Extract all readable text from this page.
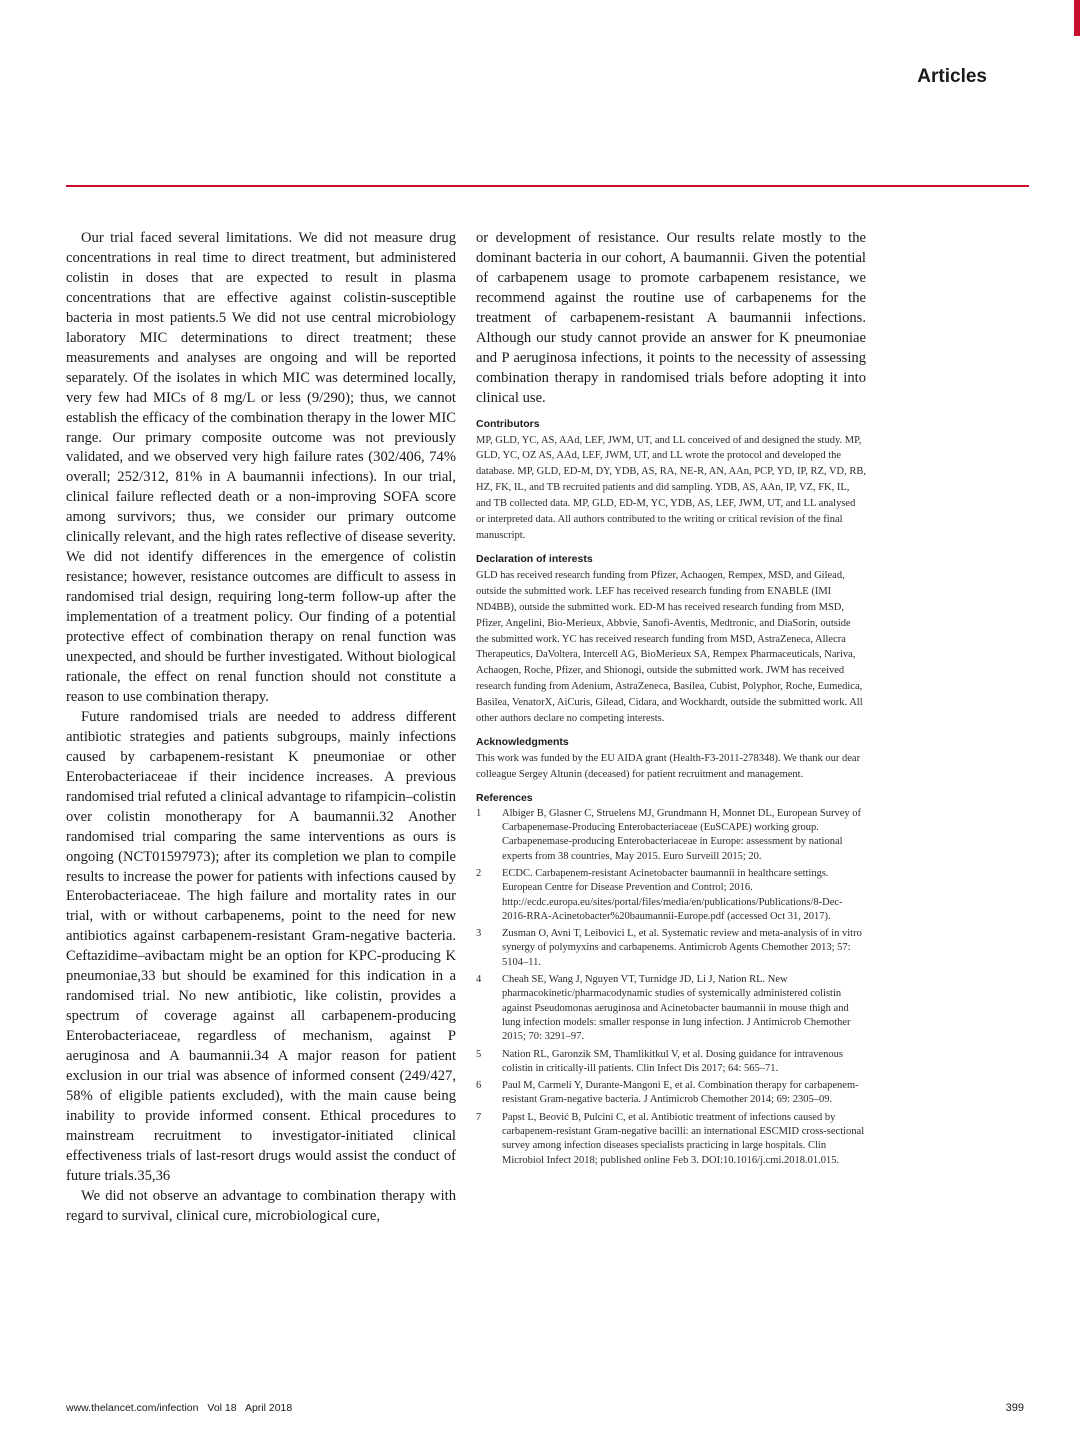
Articles

Our trial faced several limitations. We did not measure drug concentrations in real time to direct treatment, but administered colistin in doses that are expected to result in plasma concentrations that are effective against colistin-susceptible bacteria in most patients.5 We did not use central microbiology laboratory MIC determinations to direct treatment; these measurements and analyses are ongoing and will be reported separately. Of the isolates in which MIC was determined locally, very few had MICs of 8 mg/L or less (9/290); thus, we cannot establish the efficacy of the combination therapy in the lower MIC range. Our primary composite outcome was not previously validated, and we observed very high failure rates (302/406, 74% overall; 252/312, 81% in A baumannii infections). In our trial, clinical failure reflected death or a non-improving SOFA score among survivors; thus, we consider our primary outcome clinically relevant, and the high rates reflective of disease severity. We did not identify differences in the emergence of colistin resistance; however, resistance outcomes are difficult to assess in randomised trial design, requiring long-term follow-up after the implementation of a treatment policy. Our finding of a potential protective effect of combination therapy on renal function was unexpected, and should be further investigated. Without biological rationale, the effect on renal function should not constitute a reason to use combination therapy.

Future randomised trials are needed to address different antibiotic strategies and patients subgroups, mainly infections caused by carbapenem-resistant K pneumoniae or other Enterobacteriaceae if their incidence increases. A previous randomised trial refuted a clinical advantage to rifampicin–colistin over colistin monotherapy for A baumannii.32 Another randomised trial comparing the same interventions as ours is ongoing (NCT01597973); after its completion we plan to compile results to increase the power for patients with infections caused by Enterobacteriaceae. The high failure and mortality rates in our trial, with or without carbapenems, point to the need for new antibiotics against carbapenem-resistant Gram-negative bacteria. Ceftazidime–avibactam might be an option for KPC-producing K pneumoniae,33 but should be examined for this indication in a randomised trial. No new antibiotic, like colistin, provides a spectrum of coverage against all carbapenem-producing Enterobacteriaceae, regardless of mechanism, against P aeruginosa and A baumannii.34 A major reason for patient exclusion in our trial was absence of informed consent (249/427, 58% of eligible patients excluded), with the main cause being inability to provide informed consent. Ethical procedures to mainstream recruitment to investigator-initiated clinical effectiveness trials of last-resort drugs would assist the conduct of future trials.35,36

We did not observe an advantage to combination therapy with regard to survival, clinical cure, microbiological cure,

or development of resistance. Our results relate mostly to the dominant bacteria in our cohort, A baumannii. Given the potential of carbapenem usage to promote carbapenem resistance, we recommend against the routine use of carbapenems for the treatment of carbapenem-resistant A baumannii infections. Although our study cannot provide an answer for K pneumoniae and P aeruginosa infections, it points to the necessity of assessing combination therapy in randomised trials before adopting it into clinical use.

Contributors

MP, GLD, YC, AS, AAd, LEF, JWM, UT, and LL conceived of and designed the study. MP, GLD, YC, OZ AS, AAd, LEF, JWM, UT, and LL wrote the protocol and developed the database. MP, GLD, ED-M, DY, YDB, AS, RA, NE-R, AN, AAn, PCP, YD, IP, RZ, VD, RB, HZ, FK, IL, and TB recruited patients and did sampling. YDB, AS, AAn, IP, VZ, FK, IL, and TB collected data. MP, GLD, ED-M, YC, YDB, AS, LEF, JWM, UT, and LL analysed or interpreted data. All authors contributed to the writing or critical revision of the final manuscript.

Declaration of interests

GLD has received research funding from Pfizer, Achaogen, Rempex, MSD, and Gilead, outside the submitted work. LEF has received research funding from ENABLE (IMI ND4BB), outside the submitted work. ED-M has received research funding from MSD, Pfizer, Angelini, Bio-Merieux, Abbvie, Sanofi-Aventis, Medtronic, and DiaSorin, outside the submitted work. YC has received research funding from MSD, AstraZeneca, Allecra Therapeutics, DaVoltera, Intercell AG, BioMerieux SA, Rempex Pharmaceuticals, Nariva, Achaogen, Roche, Pfizer, and Shionogi, outside the submitted work. JWM has received research funding from Adenium, AstraZeneca, Basilea, Cubist, Polyphor, Roche, Eumedica, Basilea, VenatorX, AiCuris, Gilead, Cidara, and Wockhardt, outside the submitted work. All other authors declare no competing interests.

Acknowledgments

This work was funded by the EU AIDA grant (Health-F3-2011-278348). We thank our dear colleague Sergey Altunin (deceased) for patient recruitment and management.

References
1	Albiger B, Glasner C, Struelens MJ, Grundmann H, Monnet DL, European Survey of Carbapenemase-Producing Enterobacteriaceae (EuSCAPE) working group. Carbapenemase-producing Enterobacteriaceae in Europe: assessment by national experts from 38 countries, May 2015. Euro Surveill 2015; 20.
2	ECDC. Carbapenem-resistant Acinetobacter baumannii in healthcare settings. European Centre for Disease Prevention and Control; 2016. http://ecdc.europa.eu/sites/portal/files/media/en/publications/Publications/8-Dec-2016-RRA-Acinetobacter%20baumannii-Europe.pdf (accessed Oct 31, 2017).
3	Zusman O, Avni T, Leibovici L, et al. Systematic review and meta-analysis of in vitro synergy of polymyxins and carbapenems. Antimicrob Agents Chemother 2013; 57: 5104–11.
4	Cheah SE, Wang J, Nguyen VT, Turnidge JD, Li J, Nation RL. New pharmacokinetic/pharmacodynamic studies of systemically administered colistin against Pseudomonas aeruginosa and Acinetobacter baumannii in mouse thigh and lung infection models: smaller response in lung infection. J Antimicrob Chemother 2015; 70: 3291–97.
5	Nation RL, Garonzik SM, Thamlikitkul V, et al. Dosing guidance for intravenous colistin in critically-ill patients. Clin Infect Dis 2017; 64: 565–71.
6	Paul M, Carmeli Y, Durante-Mangoni E, et al. Combination therapy for carbapenem-resistant Gram-negative bacteria. J Antimicrob Chemother 2014; 69: 2305–09.
7	Papst L, Beović B, Pulcini C, et al. Antibiotic treatment of infections caused by carbapenem-resistant Gram-negative bacilli: an international ESCMID cross-sectional survey among infection diseases specialists practicing in large hospitals. Clin Microbiol Infect 2018; published online Feb 3. DOI:10.1016/j.cmi.2018.01.015.
www.thelancet.com/infection Vol 18 April 2018	399
